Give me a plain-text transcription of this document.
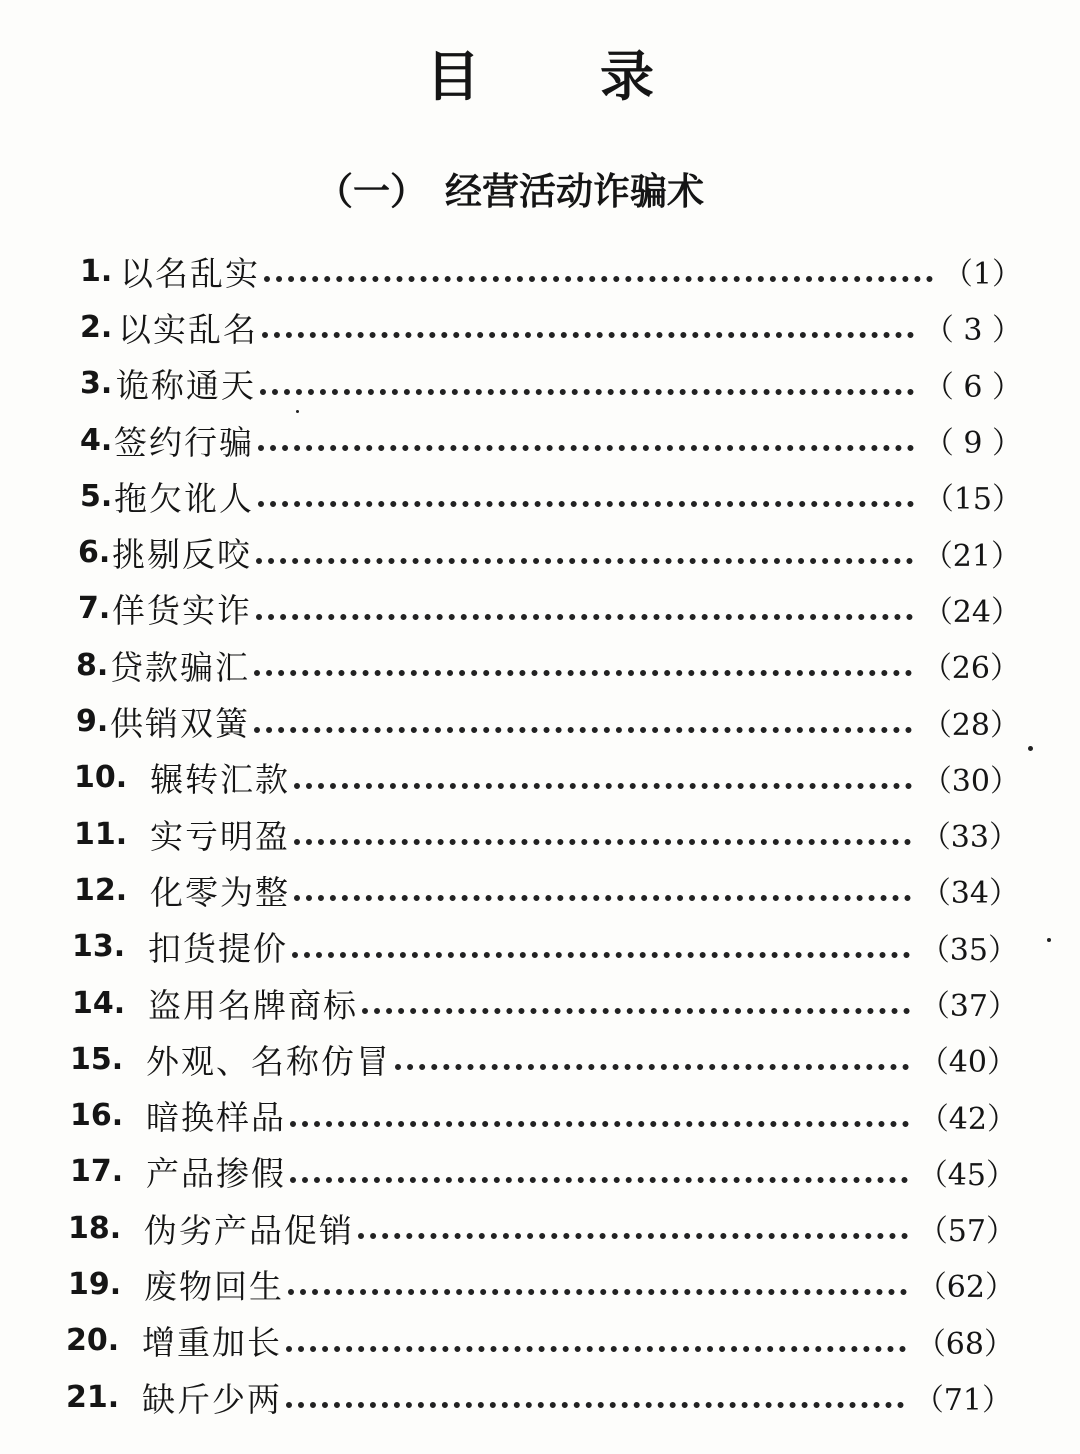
目 录
（一） 经营活动诈骗术
1. 以名乱实	（1）
2. 以实乱名	（ 3 ）
3. 诡称通天	（ 6 ）
4. 签约行骗	（ 9 ）
5. 拖欠讹人	（15）
6. 挑剔反咬	（21）
7. 佯货实诈	（24）
8. 贷款骗汇	（26）
9. 供销双簧	（28）
10. 辗转汇款	（30）
11. 实亏明盈	（33）
12. 化零为整	（34）
13. 扣货提价	（35）
14. 盗用名牌商标	（37）
15. 外观、名称仿冒	（40）
16. 暗换样品	（42）
17. 产品掺假	（45）
18. 伪劣产品促销	（57）
19. 废物回生	（62）
20. 增重加长	（68）
21. 缺斤少两	（71）
